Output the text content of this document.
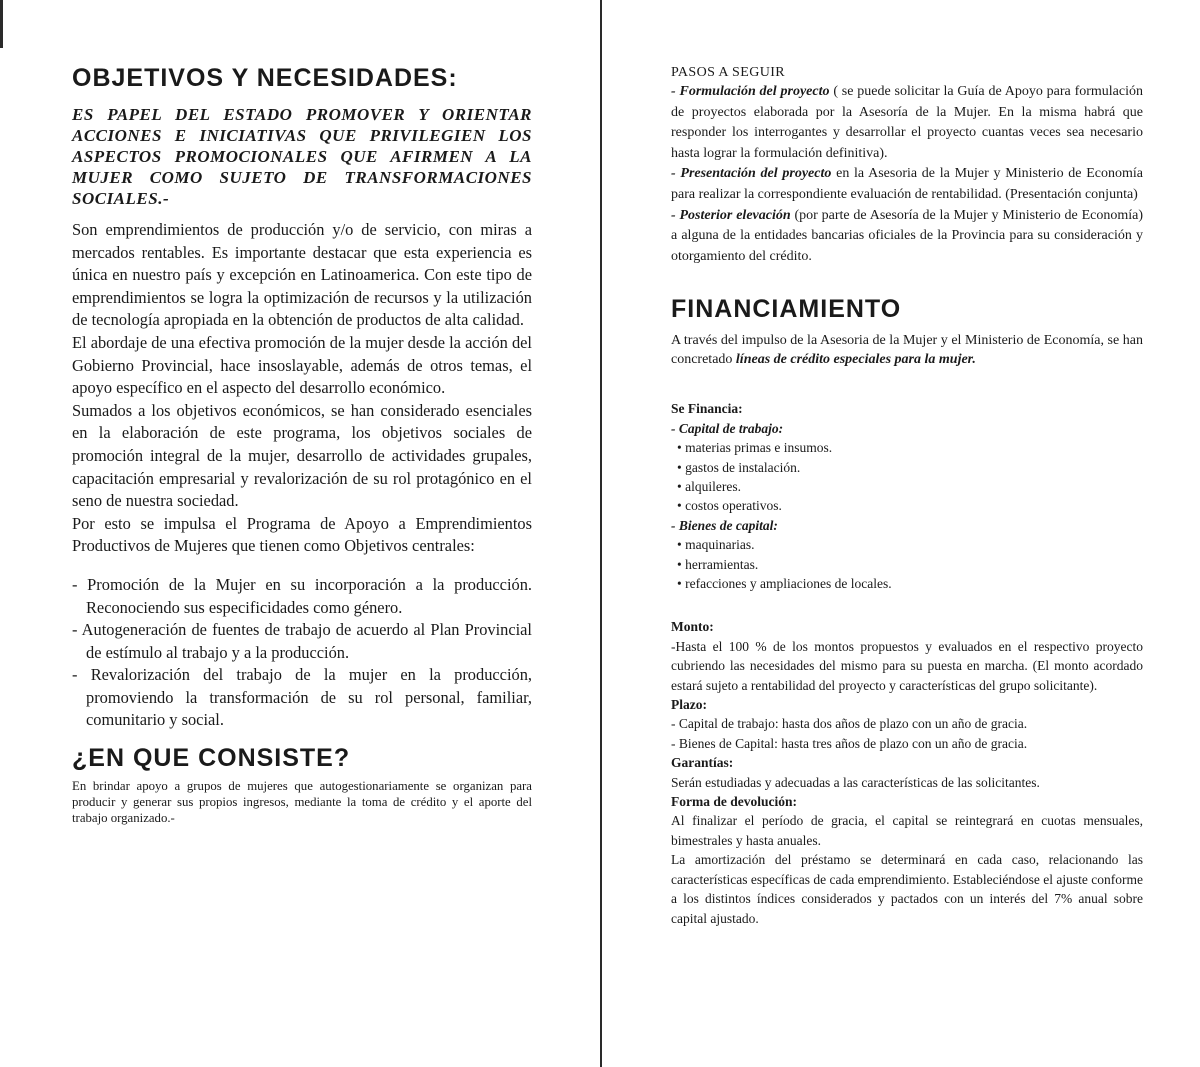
OBJETIVOS Y NECESIDADES:

ES PAPEL DEL ESTADO PROMOVER Y ORIENTAR ACCIONES E INICIATIVAS QUE PRIVILEGIEN LOS ASPECTOS PROMOCIONALES QUE AFIRMEN A LA MUJER COMO SUJETO DE TRANSFORMACIONES SOCIALES.-

Son emprendimientos de producción y/o de servicio, con miras a mercados rentables. Es importante destacar que esta experiencia es única en nuestro país y excepción en Latinoamerica. Con este tipo de emprendimientos se logra la optimización de recursos y la utilización de tecnología apropiada en la obtención de productos de alta calidad.

El abordaje de una efectiva promoción de la mujer desde la acción del Gobierno Provincial, hace insoslayable, además de otros temas, el apoyo específico en el aspecto del desarrollo económico.

Sumados a los objetivos económicos, se han considerado esenciales en la elaboración de este programa, los objetivos sociales de promoción integral de la mujer, desarrollo de actividades grupales, capacitación empresarial y revalorización de su rol protagónico en el seno de nuestra sociedad.

Por esto se impulsa el Programa de Apoyo a Emprendimientos Productivos de Mujeres que tienen como Objetivos centrales:

- Promoción de la Mujer en su incorporación a la producción. Reconociendo sus especificidades como género.
- Autogeneración de fuentes de trabajo de acuerdo al Plan Provincial de estímulo al trabajo y a la producción.
- Revalorización del trabajo de la mujer en la producción, promoviendo la transformación de su rol personal, familiar, comunitario y social.
¿EN QUE CONSISTE?

En brindar apoyo a grupos de mujeres que autogestionariamente se organizan para producir y generar sus propios ingresos, mediante la toma de crédito y el aporte del trabajo organizado.-

PASOS A SEGUIR

- Formulación del proyecto ( se puede solicitar la Guía de Apoyo para formulación de proyectos elaborada por la Asesoría de la Mujer. En la misma habrá que responder los interrogantes y desarrollar el proyecto cuantas veces sea necesario hasta lograr la formulación definitiva).

- Presentación del proyecto en la Asesoria de la Mujer y Ministerio de Economía para realizar la correspondiente evaluación de rentabilidad. (Presentación conjunta)

- Posterior elevación (por parte de Asesoría de la Mujer y Ministerio de Economía) a alguna de la entidades bancarias oficiales de la Provincia para su consideración y otorgamiento del crédito.

FINANCIAMIENTO

A través del impulso de la Asesoria de la Mujer y el Ministerio de Economía, se han concretado líneas de crédito especiales para la mujer.

Se Financia:

- Capital de trabajo:

• materias primas e insumos.
• gastos de instalación.
• alquileres.
• costos operativos.

- Bienes de capital:

• maquinarias.
• herramientas.
• refacciones y ampliaciones de locales.

Monto:

-Hasta el 100 % de los montos propuestos y evaluados en el respectivo proyecto cubriendo las necesidades del mismo para su puesta en marcha. (El monto acordado estará sujeto a rentabilidad del proyecto y características del grupo solicitante).

Plazo:

- Capital de trabajo: hasta dos años de plazo con un año de gracia.

- Bienes de Capital: hasta tres años de plazo con un año de gracia.

Garantías:

Serán estudiadas y adecuadas a las características de las solicitantes.

Forma de devolución:

Al finalizar el período de gracia, el capital se reintegrará en cuotas mensuales, bimestrales y hasta anuales.

La amortización del préstamo se determinará en cada caso, relacionando las características específicas de cada emprendimiento. Estableciéndose el ajuste conforme a los distintos índices considerados y pactados con un interés del 7% anual sobre capital ajustado.
